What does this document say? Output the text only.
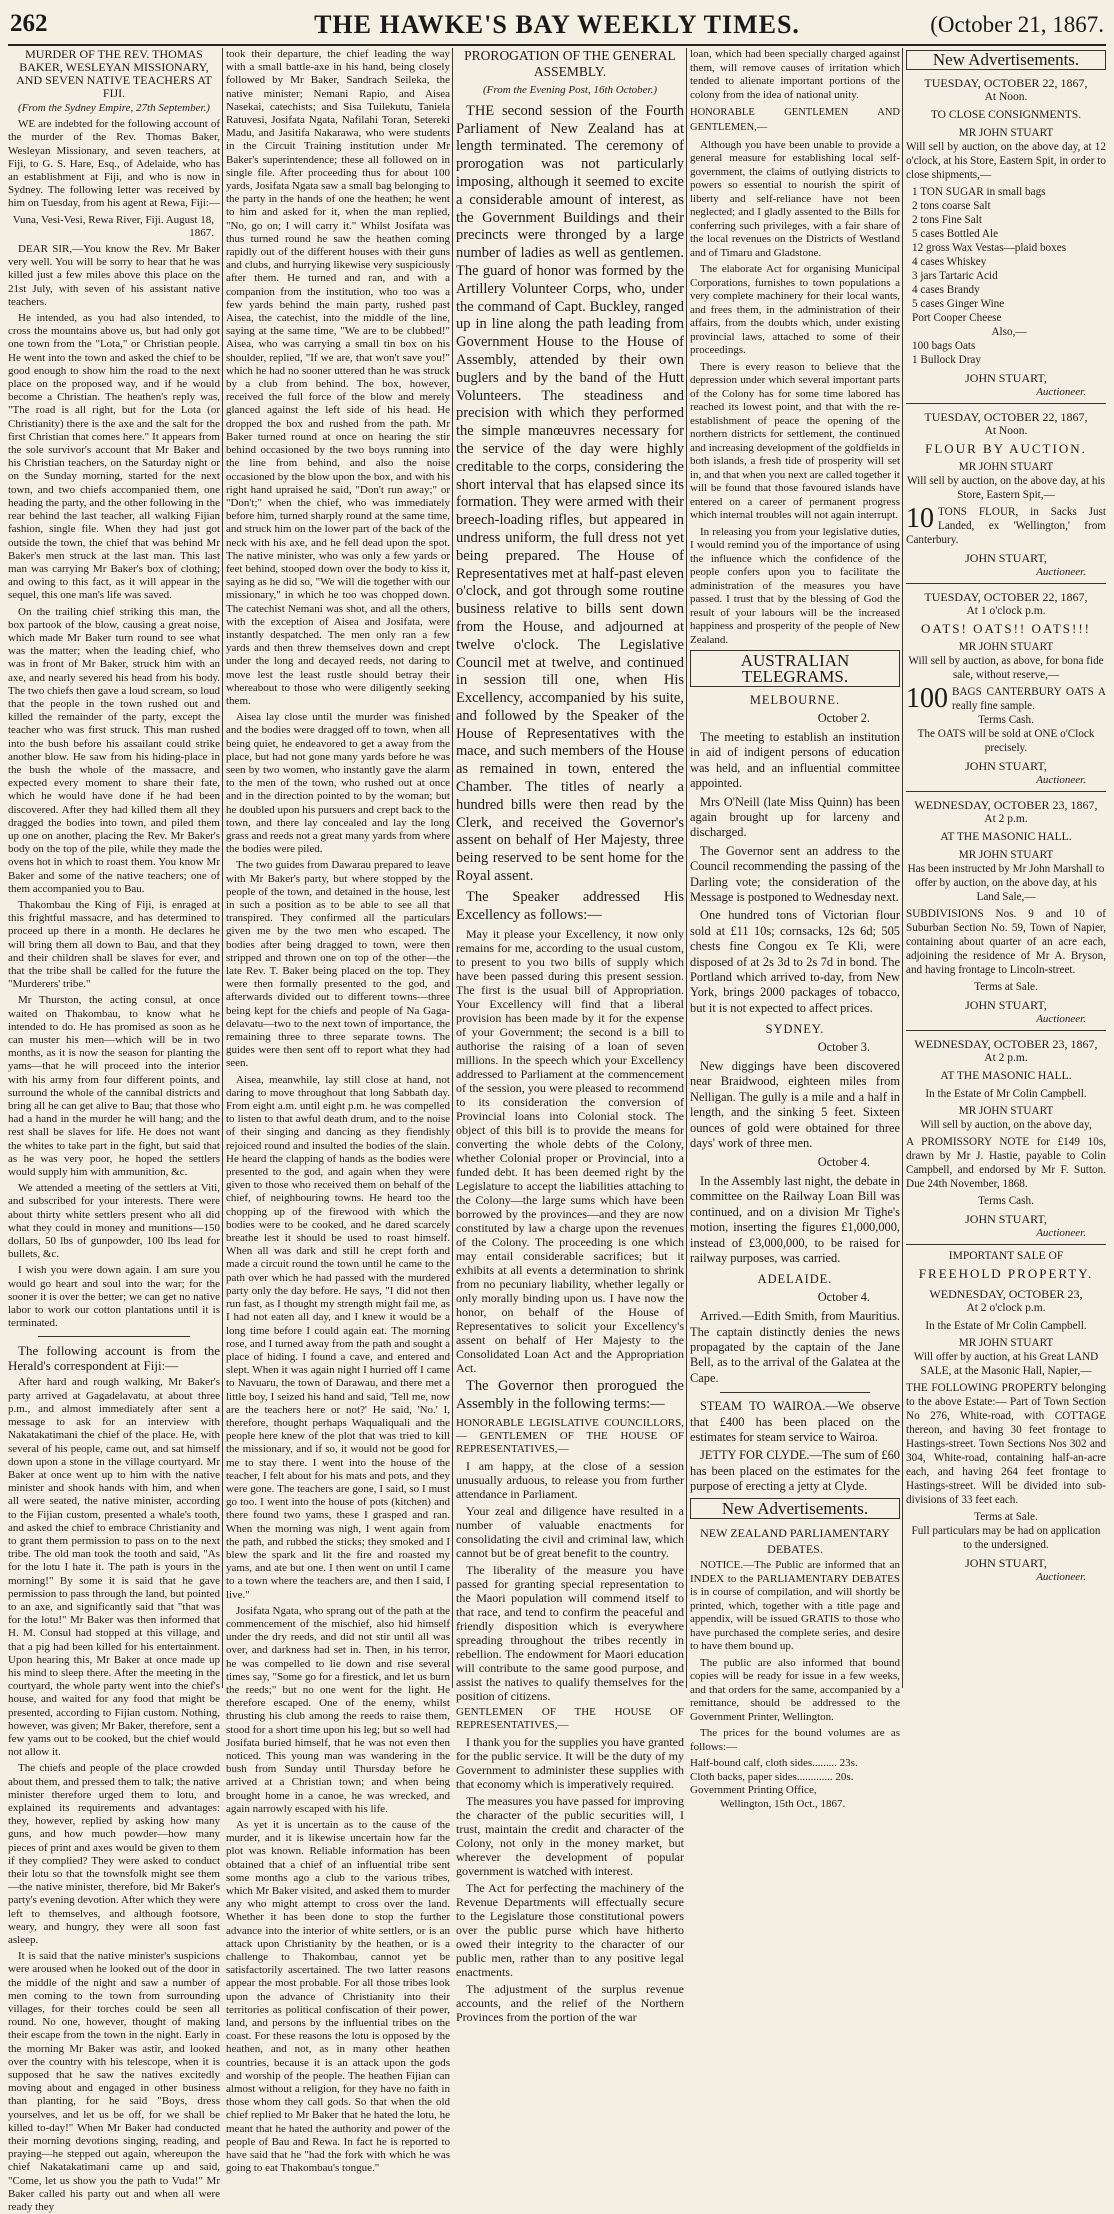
262	THE HAWKE'S BAY WEEKLY TIMES.	(October 21, 1867.
MURDER OF THE REV. THOMAS BAKER, WESLEYAN MISSIONARY, AND SEVEN NATIVE TEACHERS AT FIJI.

(From the Sydney Empire, 27th September.)

WE are indebted for the following account of the murder of the Rev. Thomas Baker, Wesleyan Missionary, and seven teachers, at Fiji, to G. S. Hare, Esq., of Adelaide, who has an establishment at Fiji, and who is now in Sydney. The following letter was received by him on Tuesday, from his agent at Rewa, Fiji:—

Vuna, Vesi-Vesi, Rewa River, Fiji. August 18, 1867.

DEAR SIR,—You know the Rev. Mr Baker very well. You will be sorry to hear that he was killed just a few miles above this place on the 21st July, with seven of his assistant native teachers.

He intended, as you had also intended, to cross the mountains above us, but had only got one town from the "Lota," or Christian people. He went into the town and asked the chief to be good enough to show him the road to the next place on the proposed way, and if he would become a Christian. The heathen's reply was, "The road is all right, but for the Lota (or Christianity) there is the axe and the salt for the first Christian that comes here." It appears from the sole survivor's account that Mr Baker and his Christian teachers, on the Saturday night or on the Sunday morning, started for the next town, and two chiefs accompanied them, one heading the party, and the other following in the rear behind the last teacher, all walking Fijian fashion, single file. When they had just got outside the town, the chief that was behind Mr Baker's men struck at the last man. This last man was carrying Mr Baker's box of clothing; and owing to this fact, as it will appear in the sequel, this one man's life was saved.

On the trailing chief striking this man, the box partook of the blow, causing a great noise, which made Mr Baker turn round to see what was the matter; when the leading chief, who was in front of Mr Baker, struck him with an axe, and nearly severed his head from his body. The two chiefs then gave a loud scream, so loud that the people in the town rushed out and killed the remainder of the party, except the teacher who was first struck. This man rushed into the bush before his assailant could strike another blow. He saw from his hiding-place in the bush the whole of the massacre, and expected every moment to share their fate, which he would have done if he had been discovered. After they had killed them all they dragged the bodies into town, and piled them up one on another, placing the Rev. Mr Baker's body on the top of the pile, while they made the ovens hot in which to roast them. You know Mr Baker and some of the native teachers; one of them accompanied you to Bau.

Thakombau the King of Fiji, is enraged at this frightful massacre, and has determined to proceed up there in a month. He declares he will bring them all down to Bau, and that they and their children shall be slaves for ever, and that the tribe shall be called for the future the "Murderers' tribe."

Mr Thurston, the acting consul, at once waited on Thakombau, to know what he intended to do. He has promised as soon as he can muster his men—which will be in two months, as it is now the season for planting the yams—that he will proceed into the interior with his army from four different points, and surround the whole of the cannibal districts and bring all he can get alive to Bau; that those who had a hand in the murder he will hang; and the rest shall be slaves for life. He does not want the whites to take part in the fight, but said that as he was very poor, he hoped the settlers would supply him with ammunition, &c.

We attended a meeting of the settlers at Viti, and subscribed for your interests. There were about thirty white settlers present who all did what they could in money and munitions—150 dollars, 50 lbs of gunpowder, 100 lbs lead for bullets, &c.

I wish you were down again. I am sure you would go heart and soul into the war; for the sooner it is over the better; we can get no native labor to work our cotton plantations until it is terminated.

The following account is from the Herald's correspondent at Fiji:—

After hard and rough walking, Mr Baker's party arrived at Gagadelavatu, at about three p.m., and almost immediately after sent a message to ask for an interview with Nakatakatimani the chief of the place. He, with several of his people, came out, and sat himself down upon a stone in the village courtyard. Mr Baker at once went up to him with the native minister and shook hands with him, and when all were seated, the native minister, according to the Fijian custom, presented a whale's tooth, and asked the chief to embrace Christianity and to grant them permission to pass on to the next tribe. The old man took the tooth and said, "As for the lotu I hate it. The path is yours in the morning!" By some it is said that he gave permission to pass through the land, but pointed to an axe, and significantly said that "that was for the lotu!" Mr Baker was then informed that H. M. Consul had stopped at this village, and that a pig had been killed for his entertainment. Upon hearing this, Mr Baker at once made up his mind to sleep there. After the meeting in the courtyard, the whole party went into the chief's house, and waited for any food that might be presented, according to Fijian custom. Nothing, however, was given; Mr Baker, therefore, sent a few yams out to be cooked, but the chief would not allow it.

The chiefs and people of the place crowded about them, and pressed them to talk; the native minister therefore urged them to lotu, and explained its requirements and advantages: they, however, replied by asking how many guns, and how much powder—how many pieces of print and axes would be given to them if they complied? They were asked to conduct their lotu so that the townsfolk might see them—the native minister, therefore, bid Mr Baker's party's evening devotion. After which they were left to themselves, and although footsore, weary, and hungry, they were all soon fast asleep.

It is said that the native minister's suspicions were aroused when he looked out of the door in the middle of the night and saw a number of men coming to the town from surrounding villages, for their torches could be seen all round. No one, however, thought of making their escape from the town in the night. Early in the morning Mr Baker was astir, and looked over the country with his telescope, when it is supposed that he saw the natives excitedly moving about and engaged in other business than planting, for he said "Boys, dress yourselves, and let us be off, for we shall be killed to-day!" When Mr Baker had conducted their morning devotions singing, reading, and praying—he stepped out again, whereupon the chief Nakatakatimani came up and said, "Come, let us show you the path to Vuda!" Mr Baker called his party out and when all were ready they

took their departure, the chief leading the way with a small battle-axe in his hand, being closely followed by Mr Baker, Sandrach Seileka, the native minister; Nemani Rapio, and Aisea Nasekai, catechists; and Sisa Tuilekutu, Taniela Ratuvesi, Josifata Ngata, Nafilahi Toran, Setereki Madu, and Jasitifa Nakarawa, who were students in the Circuit Training institution under Mr Baker's superintendence; these all followed on in single file. After proceeding thus for about 100 yards, Josifata Ngata saw a small bag belonging to the party in the hands of one the heathen; he went to him and asked for it, when the man replied, "No, go on; I will carry it." Whilst Josifata was thus turned round he saw the heathen coming rapidly out of the different houses with their guns and clubs, and hurrying likewise very suspiciously after them. He turned and ran, and with a companion from the institution, who too was a few yards behind the main party, rushed past Aisea, the catechist, into the middle of the line, saying at the same time, "We are to be clubbed!" Aisea, who was carrying a small tin box on his shoulder, replied, "If we are, that won't save you!" which he had no sooner uttered than he was struck by a club from behind. The box, however, received the full force of the blow and merely glanced against the left side of his head. He dropped the box and rushed from the path. Mr Baker turned round at once on hearing the stir behind occasioned by the two boys running into the line from behind, and also the noise occasioned by the blow upon the box, and with his right hand upraised he said, "Don't run away;" or "Don't;" when the chief, who was immediately before him, turned sharply round at the same time, and struck him on the lower part of the back of the neck with his axe, and he fell dead upon the spot. The native minister, who was only a few yards or feet behind, stooped down over the body to kiss it, saying as he did so, "We will die together with our missionary," in which he too was chopped down. The catechist Nemani was shot, and all the others, with the exception of Aisea and Josifata, were instantly despatched. The men only ran a few yards and then threw themselves down and crept under the long and decayed reeds, not daring to move lest the least rustle should betray their whereabout to those who were diligently seeking them.

Aisea lay close until the murder was finished and the bodies were dragged off to town, when all being quiet, he endeavored to get a away from the place, but had not gone many yards before he was seen by two women, who instantly gave the alarm to the men of the town, who rushed out at once and in the direction pointed to by the woman; but he doubled upon his pursuers and crept back to the town, and there lay concealed and lay the long grass and reeds not a great many yards from where the bodies were piled.

The two guides from Dawarau prepared to leave with Mr Baker's party, but where stopped by the people of the town, and detained in the house, lest in such a position as to be able to see all that transpired. They confirmed all the particulars given me by the two men who escaped. The bodies after being dragged to town, were then stripped and thrown one on top of the other—the late Rev. T. Baker being placed on the top. They were then formally presented to the god, and afterwards divided out to different towns—three being kept for the chiefs and people of Na Gaga-delavatu—two to the next town of importance, the remaining three to three separate towns. The guides were then sent off to report what they had seen.

Aisea, meanwhile, lay still close at hand, not daring to move throughout that long Sabbath day. From eight a.m. until eight p.m. he was compelled to listen to that awful death drum, and to the noise of their singing and dancing as they fiendishly rejoiced round and insulted the bodies of the slain. He heard the clapping of hands as the bodies were presented to the god, and again when they were given to those who received them on behalf of the chief, of neighbouring towns. He heard too the chopping up of the firewood with which the bodies were to be cooked, and he dared scarcely breathe lest it should be used to roast himself. When all was dark and still he crept forth and made a circuit round the town until he came to the path over which he had passed with the murdered party only the day before. He says, "I did not then run fast, as I thought my strength might fail me, as I had not eaten all day, and I knew it would be a long time before I could again eat. The morning rose, and I turned away from the path and sought a place of hiding. I found a cave, and entered and slept. When it was again night I hurried off I came to Navuaru, the town of Darawau, and there met a little boy, I seized his hand and said, 'Tell me, now are the teachers here or not?' He said, 'No.' I, therefore, thought perhaps Waqualiquali and the people here knew of the plot that was tried to kill the missionary, and if so, it would not be good for me to stay there. I went into the house of the teacher, I felt about for his mats and pots, and they were gone. The teachers are gone, I said, so I must go too. I went into the house of pots (kitchen) and there found two yams, these I grasped and ran. When the morning was nigh, I went again from the path, and rubbed the sticks; they smoked and I blew the spark and lit the fire and roasted my yams, and ate but one. I then went on until I came to a town where the teachers are, and then I said, I live."

Josifata Ngata, who sprang out of the path at the commencement of the mischief, also hid himself under the dry reeds, and did not stir until all was over, and darkness had set in. Then, in his terror, he was compelled to lie down and rise several times say, "Some go for a firestick, and let us burn the reeds;" but no one went for the light. He therefore escaped. One of the enemy, whilst thrusting his club among the reeds to raise them, stood for a short time upon his leg; but so well had Josifata buried himself, that he was not even then noticed. This young man was wandering in the bush from Sunday until Thursday before he arrived at a Christian town; and when being brought home in a canoe, he was wrecked, and again narrowly escaped with his life.

As yet it is uncertain as to the cause of the murder, and it is likewise uncertain how far the plot was known. Reliable information has been obtained that a chief of an influential tribe sent some months ago a club to the various tribes, which Mr Baker visited, and asked them to murder any who might attempt to cross over the land. Whether it has been done to stop the further advance into the interior of white settlers, or is an attack upon Christianity by the heathen, or is a challenge to Thakombau, cannot yet be satisfactorily ascertained. The two latter reasons appear the most probable. For all those tribes look upon the advance of Christianity into their territories as political confiscation of their power, land, and persons by the influential tribes on the coast. For these reasons the lotu is opposed by the heathen, and not, as in many other heathen countries, because it is an attack upon the gods and worship of the people. The heathen Fijian can almost without a religion, for they have no faith in those whom they call gods. So that when the old chief replied to Mr Baker that he hated the lotu, he meant that he hated the authority and power of the people of Bau and Rewa. In fact he is reported to have said that he "had the fork with which he was going to eat Thakombau's tongue."

PROROGATION OF THE GENERAL ASSEMBLY.

(From the Evening Post, 16th October.)

THE second session of the Fourth Parliament of New Zealand has at length terminated. The ceremony of prorogation was not particularly imposing, although it seemed to excite a considerable amount of interest, as the Government Buildings and their precincts were thronged by a large number of ladies as well as gentlemen. The guard of honor was formed by the Artillery Volunteer Corps, who, under the command of Capt. Buckley, ranged up in line along the path leading from Government House to the House of Assembly, attended by their own buglers and by the band of the Hutt Volunteers. The steadiness and precision with which they performed the simple manœuvres necessary for the service of the day were highly creditable to the corps, considering the short interval that has elapsed since its formation. They were armed with their breech-loading rifles, but appeared in undress uniform, the full dress not yet being prepared. The House of Representatives met at half-past eleven o'clock, and got through some routine business relative to bills sent down from the House, and adjourned at twelve o'clock. The Legislative Council met at twelve, and continued in session till one, when His Excellency, accompanied by his suite, and followed by the Speaker of the House of Representatives with the mace, and such members of the House as remained in town, entered the Chamber. The titles of nearly a hundred bills were then read by the Clerk, and received the Governor's assent on behalf of Her Majesty, three being reserved to be sent home for the Royal assent.

The Speaker addressed His Excellency as follows:—

May it please your Excellency, it now only remains for me, according to the usual custom, to present to you two bills of supply which have been passed during this present session. The first is the usual bill of Appropriation. Your Excellency will find that a liberal provision has been made by it for the expense of your Government; the second is a bill to authorise the raising of a loan of seven millions. In the speech which your Excellency addressed to Parliament at the commencement of the session, you were pleased to recommend to its consideration the conversion of Provincial loans into Colonial stock. The object of this bill is to provide the means for converting the whole debts of the Colony, whether Colonial proper or Provincial, into a funded debt. It has been deemed right by the Legislature to accept the liabilities attaching to the Colony—the large sums which have been borrowed by the provinces—and they are now constituted by law a charge upon the revenues of the Colony. The proceeding is one which may entail considerable sacrifices; but it exhibits at all events a determination to shrink from no pecuniary liability, whether legally or only morally binding upon us. I have now the honor, on behalf of the House of Representatives to solicit your Excellency's assent on behalf of Her Majesty to the Consolidated Loan Act and the Appropriation Act.

The Governor then prorogued the Assembly in the following terms:—

HONORABLE LEGISLATIVE COUNCILLORS,— GENTLEMEN OF THE HOUSE OF REPRESENTATIVES,—

I am happy, at the close of a session unusually arduous, to release you from further attendance in Parliament.

Your zeal and diligence have resulted in a number of valuable enactments for consolidating the civil and criminal law, which cannot but be of great benefit to the country.

The liberality of the measure you have passed for granting special representation to the Maori population will commend itself to that race, and tend to confirm the peaceful and friendly disposition which is everywhere spreading throughout the tribes recently in rebellion. The endowment for Maori education will contribute to the same good purpose, and assist the natives to qualify themselves for the position of citizens.

GENTLEMEN OF THE HOUSE OF REPRESENTATIVES,—

I thank you for the supplies you have granted for the public service. It will be the duty of my Government to administer these supplies with that economy which is imperatively required.

The measures you have passed for improving the character of the public securities will, I trust, maintain the credit and character of the Colony, not only in the money market, but wherever the development of popular government is watched with interest.

The Act for perfecting the machinery of the Revenue Departments will effectually secure to the Legislature those constitutional powers over the public purse which have hitherto owed their integrity to the character of our public men, rather than to any positive legal enactments.

The adjustment of the surplus revenue accounts, and the relief of the Northern Provinces from the portion of the war

loan, which had been specially charged against them, will remove causes of irritation which tended to alienate important portions of the colony from the idea of national unity.

HONORABLE GENTLEMEN AND GENTLEMEN,—

Although you have been unable to provide a general measure for establishing local self-government, the claims of outlying districts to powers so essential to nourish the spirit of liberty and self-reliance have not been neglected; and I gladly assented to the Bills for conferring such privileges, with a fair share of the local revenues on the Districts of Westland and of Timaru and Gladstone.

The elaborate Act for organising Municipal Corporations, furnishes to town populations a very complete machinery for their local wants, and frees them, in the administration of their affairs, from the doubts which, under existing provincial laws, attached to some of their proceedings.

There is every reason to believe that the depression under which several important parts of the Colony has for some time labored has reached its lowest point, and that with the re-establishment of peace the opening of the northern districts for settlement, the continued and increasing development of the goldfields in both islands, a fresh tide of prosperity will set in, and that when you next are called together it will be found that those favoured islands have entered on a career of permanent progress which internal troubles will not again interrupt.

In releasing you from your legislative duties, I would remind you of the importance of using the influence which the confidence of the people confers upon you to facilitate the administration of the measures you have passed. I trust that by the blessing of God the result of your labours will be the increased happiness and prosperity of the people of New Zealand.

AUSTRALIAN TELEGRAMS.
MELBOURNE.
October 2.

The meeting to establish an institution in aid of indigent persons of education was held, and an influential committee appointed.

Mrs O'Neill (late Miss Quinn) has been again brought up for larceny and discharged.

The Governor sent an address to the Council recommending the passing of the Darling vote; the consideration of the Message is postponed to Wednesday next.

One hundred tons of Victorian flour sold at £11 10s; cornsacks, 12s 6d; 505 chests fine Congou ex Te Kli, were disposed of at 2s 3d to 2s 7d in bond. The Portland which arrived to-day, from New York, brings 2000 packages of tobacco, but it is not expected to affect prices.

SYDNEY.
October 3.

New diggings have been discovered near Braidwood, eighteen miles from Nelligan. The gully is a mile and a half in length, and the sinking 5 feet. Sixteen ounces of gold were obtained for three days' work of three men.

October 4.

In the Assembly last night, the debate in committee on the Railway Loan Bill was continued, and on a division Mr Tighe's motion, inserting the figures £1,000,000, instead of £3,000,000, to be raised for railway purposes, was carried.

ADELAIDE.
October 4.

Arrived.—Edith Smith, from Mauritius. The captain distinctly denies the news propagated by the captain of the Jane Bell, as to the arrival of the Galatea at the Cape.

STEAM TO WAIROA.—We observe that £400 has been placed on the estimates for steam service to Wairoa.

JETTY FOR CLYDE.—The sum of £60 has been placed on the estimates for the purpose of erecting a jetty at Clyde.

New Advertisements.
NEW ZEALAND PARLIAMENTARY DEBATES.

NOTICE.—The Public are informed that an INDEX to the PARLIAMENTARY DEBATES is in course of compilation, and will shortly be printed, which, together with a title page and appendix, will be issued GRATIS to those who have purchased the complete series, and desire to have them bound up.

The public are also informed that bound copies will be ready for issue in a few weeks, and that orders for the same, accompanied by a remittance, should be addressed to the Government Printer, Wellington.

The prices for the bound volumes are as follows:—

Half-bound calf, cloth sides......... 23s.

Cloth backs, paper sides............. 20s.

Government Printing Office,

Wellington, 15th Oct., 1867.

New Advertisements.
TUESDAY, OCTOBER 22, 1867,
At Noon.
TO CLOSE CONSIGNMENTS.
MR JOHN STUART

Will sell by auction, on the above day, at 12 o'clock, at his Store, Eastern Spit, in order to close shipments,—

1 TON SUGAR in small bags

2 tons coarse Salt

2 tons Fine Salt

5 cases Bottled Ale

12 gross Wax Vestas—plaid boxes

4 cases Whiskey

3 jars Tartaric Acid

4 cases Brandy

5 cases Ginger Wine

Port Cooper Cheese

Also,—

100 bags Oats

1 Bullock Dray

JOHN STUART,
Auctioneer.
TUESDAY, OCTOBER 22, 1867,
At Noon.
FLOUR BY AUCTION.
MR JOHN STUART

Will sell by auction, on the above day, at his Store, Eastern Spit,—

10 TONS FLOUR, in Sacks Just Landed, ex 'Wellington,' from Canterbury.
JOHN STUART,
Auctioneer.
TUESDAY, OCTOBER 22, 1867,
At 1 o'clock p.m.
OATS! OATS!! OATS!!!
MR JOHN STUART

Will sell by auction, as above, for bona fide sale, without reserve,—

100 BAGS CANTERBURY OATS A really fine sample.
Terms Cash.

The OATS will be sold at ONE o'Clock precisely.

JOHN STUART,
Auctioneer.
WEDNESDAY, OCTOBER 23, 1867,
At 2 p.m.
AT THE MASONIC HALL.
MR JOHN STUART

Has been instructed by Mr John Marshall to offer by auction, on the above day, at his Land Sale,—

SUBDIVISIONS Nos. 9 and 10 of Suburban Section No. 59, Town of Napier, containing about quarter of an acre each, adjoining the residence of Mr A. Bryson, and having frontage to Lincoln-street.

Terms at Sale.
JOHN STUART,
Auctioneer.
WEDNESDAY, OCTOBER 23, 1867,
At 2 p.m.
AT THE MASONIC HALL.

In the Estate of Mr Colin Campbell.

MR JOHN STUART

Will sell by auction, on the above day,

A PROMISSORY NOTE for £149 10s, drawn by Mr J. Hastie, payable to Colin Campbell, and endorsed by Mr F. Sutton. Due 24th November, 1868.

Terms Cash.
JOHN STUART,
Auctioneer.
IMPORTANT SALE OF
FREEHOLD PROPERTY.
WEDNESDAY, OCTOBER 23,
At 2 o'clock p.m.

In the Estate of Mr Colin Campbell.

MR JOHN STUART

Will offer by auction, at his Great LAND SALE, at the Masonic Hall, Napier,—

THE FOLLOWING PROPERTY belonging to the above Estate:— Part of Town Section No 276, White-road, with COTTAGE thereon, and having 30 feet frontage to Hastings-street. Town Sections Nos 302 and 304, White-road, containing half-an-acre each, and having 264 feet frontage to Hastings-street. Will be divided into sub-divisions of 33 feet each.

Terms at Sale.

Full particulars may be had on application to the undersigned.

JOHN STUART,
Auctioneer.
